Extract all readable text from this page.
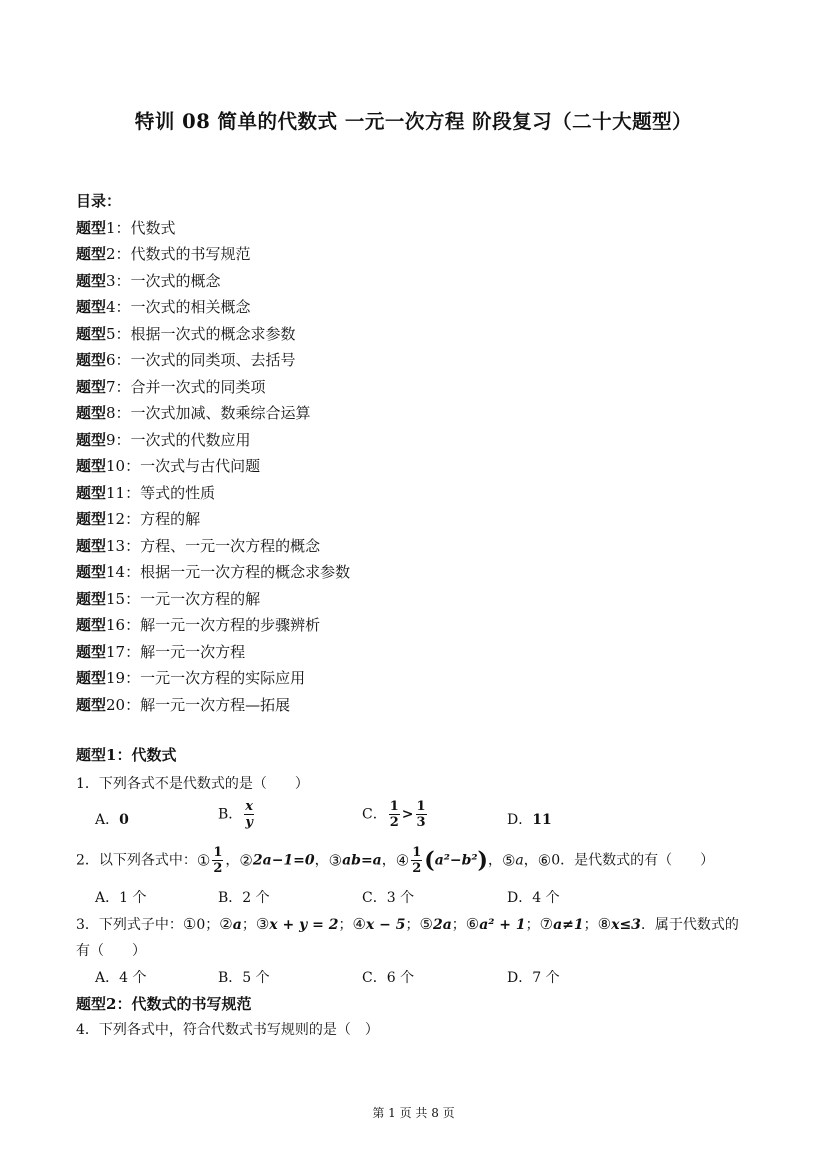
特训 08 简单的代数式 一元一次方程 阶段复习（二十大题型）
目录：
题型1：代数式
题型2：代数式的书写规范
题型3：一次式的概念
题型4：一次式的相关概念
题型5：根据一次式的概念求参数
题型6：一次式的同类项、去括号
题型7：合并一次式的同类项
题型8：一次式加减、数乘综合运算
题型9：一次式的代数应用
题型10：一次式与古代问题
题型11：等式的性质
题型12：方程的解
题型13：方程、一元一次方程的概念
题型14：根据一元一次方程的概念求参数
题型15：一元一次方程的解
题型16：解一元一次方程的步骤辨析
题型17：解一元一次方程
题型19：一元一次方程的实际应用
题型20：解一元一次方程—拓展
题型1：代数式
1．下列各式不是代数式的是（　　）
A．0	B． $\frac{x}{y}$	C． $\frac{1}{2} > \frac{1}{3}$	D．11
2．以下列各式中：① $\frac{1}{2}$ ，②2a−1=0，③ab=a，④ $\frac{1}{2} (a^2-b^2)$，⑤a，⑥0．是代数式的有（　　）
A．1 个	B．2 个	C．3 个	D．4 个
3．下列式子中：①0；②a；③x + y = 2；④x − 5；⑤2a；⑥a² + 1；⑦a≠1；⑧x≤3．属于代数式的
有（　　）
A．4 个	B．5 个	C．6 个	D．7 个
题型2：代数式的书写规范
4．下列各式中，符合代数式书写规则的是（　）
第 1 页 共 8 页
